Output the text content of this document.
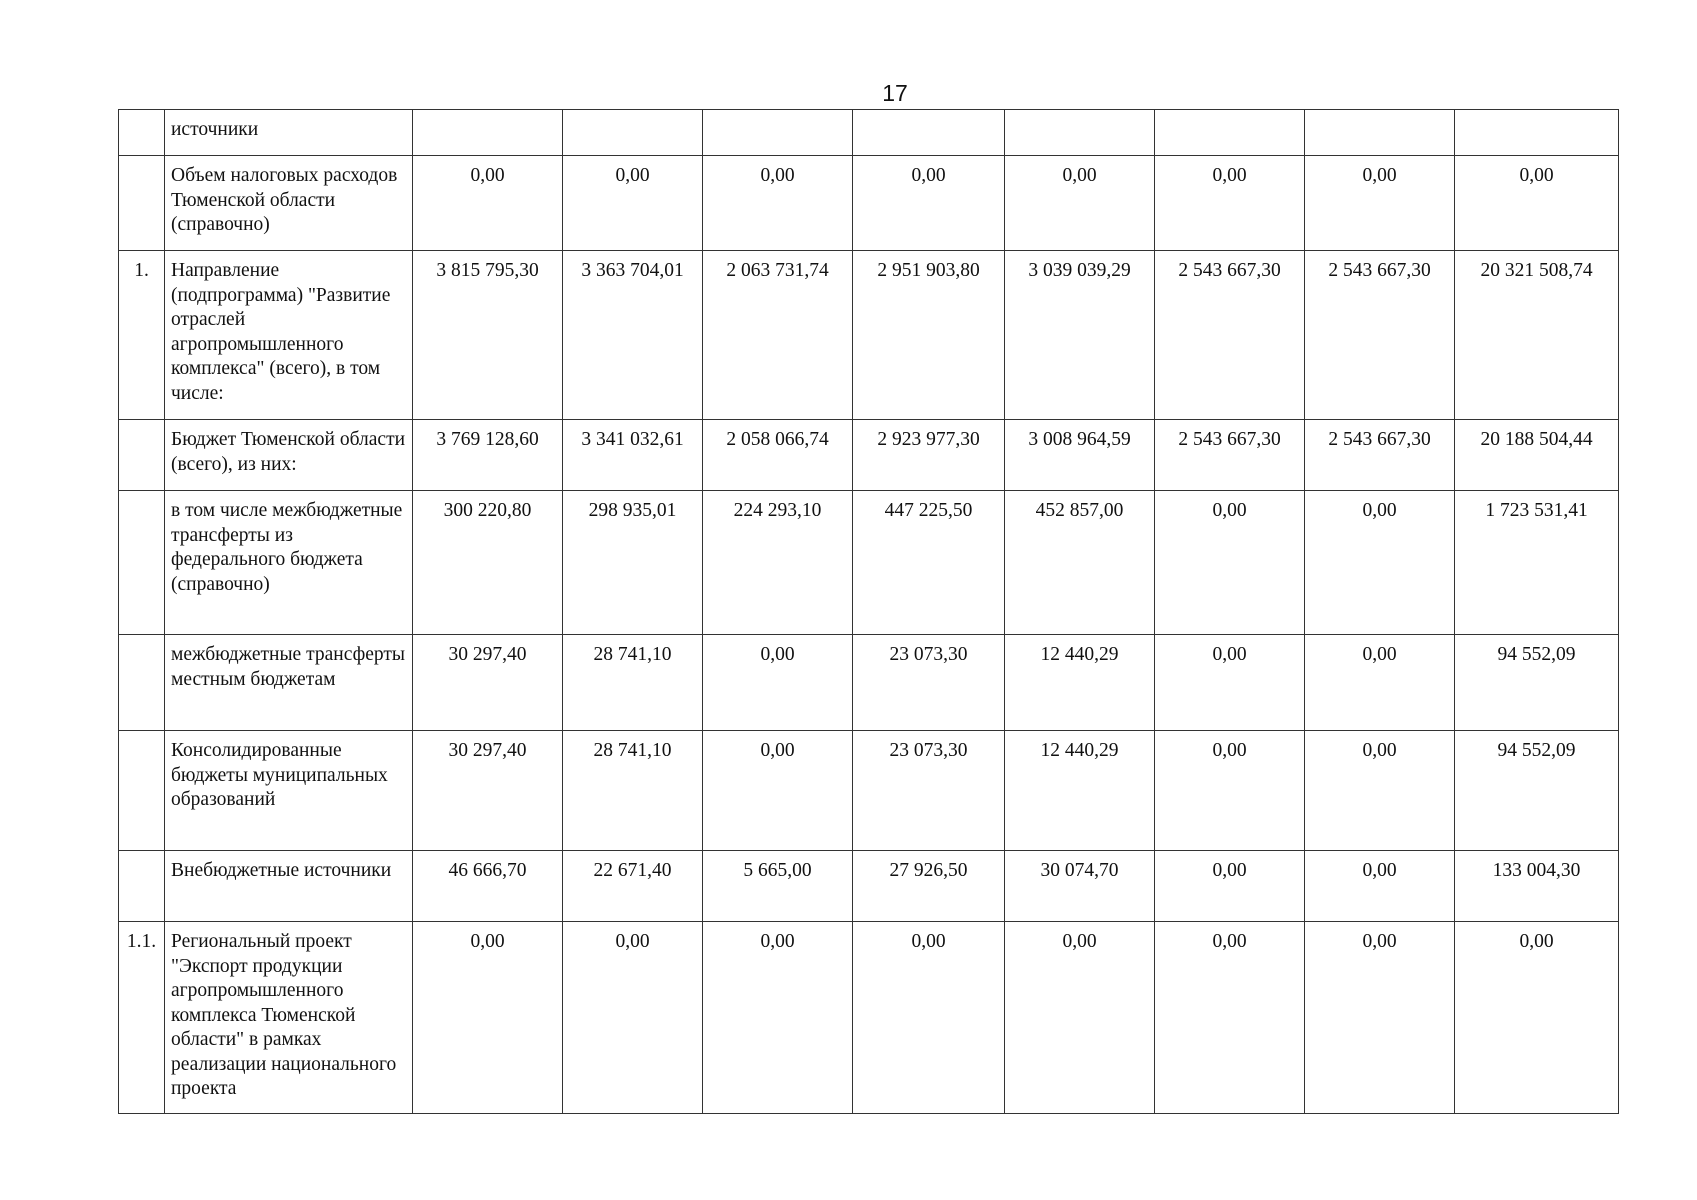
17
	источники								
	Объем налоговых расходов Тюменской области (справочно)	0,00	0,00	0,00	0,00	0,00	0,00	0,00	0,00
1.	Направление (подпрограмма) "Развитие отраслей агропромышленного комплекса" (всего), в том числе:	3 815 795,30	3 363 704,01	2 063 731,74	2 951 903,80	3 039 039,29	2 543 667,30	2 543 667,30	20 321 508,74
	Бюджет Тюменской области (всего), из них:	3 769 128,60	3 341 032,61	2 058 066,74	2 923 977,30	3 008 964,59	2 543 667,30	2 543 667,30	20 188 504,44
	в том числе межбюджетные трансферты из федерального бюджета (справочно)	300 220,80	298 935,01	224 293,10	447 225,50	452 857,00	0,00	0,00	1 723 531,41
	межбюджетные трансферты местным бюджетам	30 297,40	28 741,10	0,00	23 073,30	12 440,29	0,00	0,00	94 552,09
	Консолидированные бюджеты муниципальных образований	30 297,40	28 741,10	0,00	23 073,30	12 440,29	0,00	0,00	94 552,09
	Внебюджетные источники	46 666,70	22 671,40	5 665,00	27 926,50	30 074,70	0,00	0,00	133 004,30
1.1.	Региональный проект "Экспорт продукции агропромышленного комплекса Тюменской области" в рамках реализации национального проекта	0,00	0,00	0,00	0,00	0,00	0,00	0,00	0,00
